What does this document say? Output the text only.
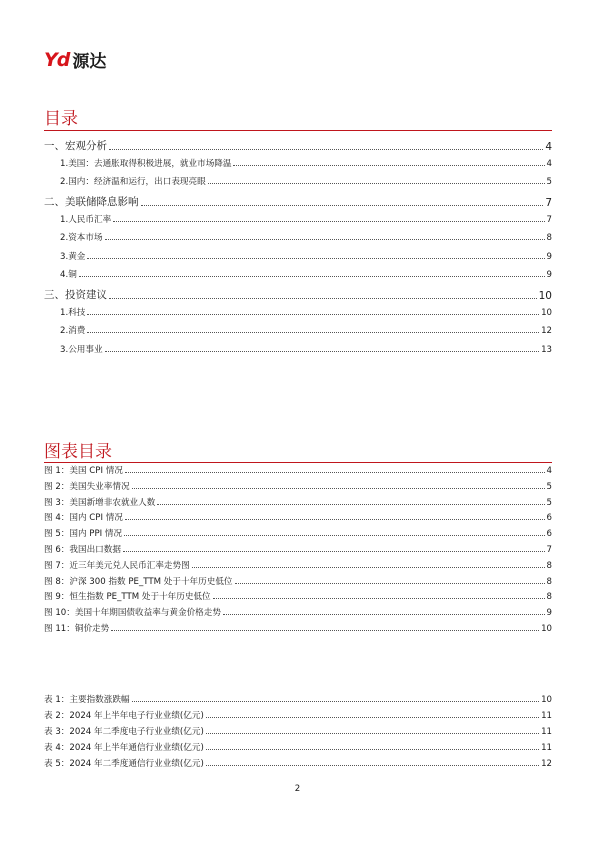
Yd 源达
目录
一、宏观分析	4
1.美国：去通胀取得积极进展，就业市场降温	4
2.国内：经济温和运行，出口表现亮眼	5
二、美联储降息影响	7
1.人民币汇率	7
2.资本市场	8
3.黄金	9
4.铜	9
三、投资建议	10
1.科技	10
2.消费	12
3.公用事业	13
图表目录
图 1：美国 CPI 情况	4
图 2：美国失业率情况	5
图 3：美国新增非农就业人数	5
图 4：国内 CPI 情况	6
图 5：国内 PPI 情况	6
图 6：我国出口数据	7
图 7：近三年美元兑人民币汇率走势图	8
图 8：沪深 300 指数 PE_TTM 处于十年历史低位	8
图 9：恒生指数 PE_TTM 处于十年历史低位	8
图 10：美国十年期国债收益率与黄金价格走势	9
图 11：铜价走势	10
表 1：主要指数涨跌幅	10
表 2：2024 年上半年电子行业业绩(亿元)	11
表 3：2024 年二季度电子行业业绩(亿元)	11
表 4：2024 年上半年通信行业业绩(亿元)	11
表 5：2024 年二季度通信行业业绩(亿元)	12
2
